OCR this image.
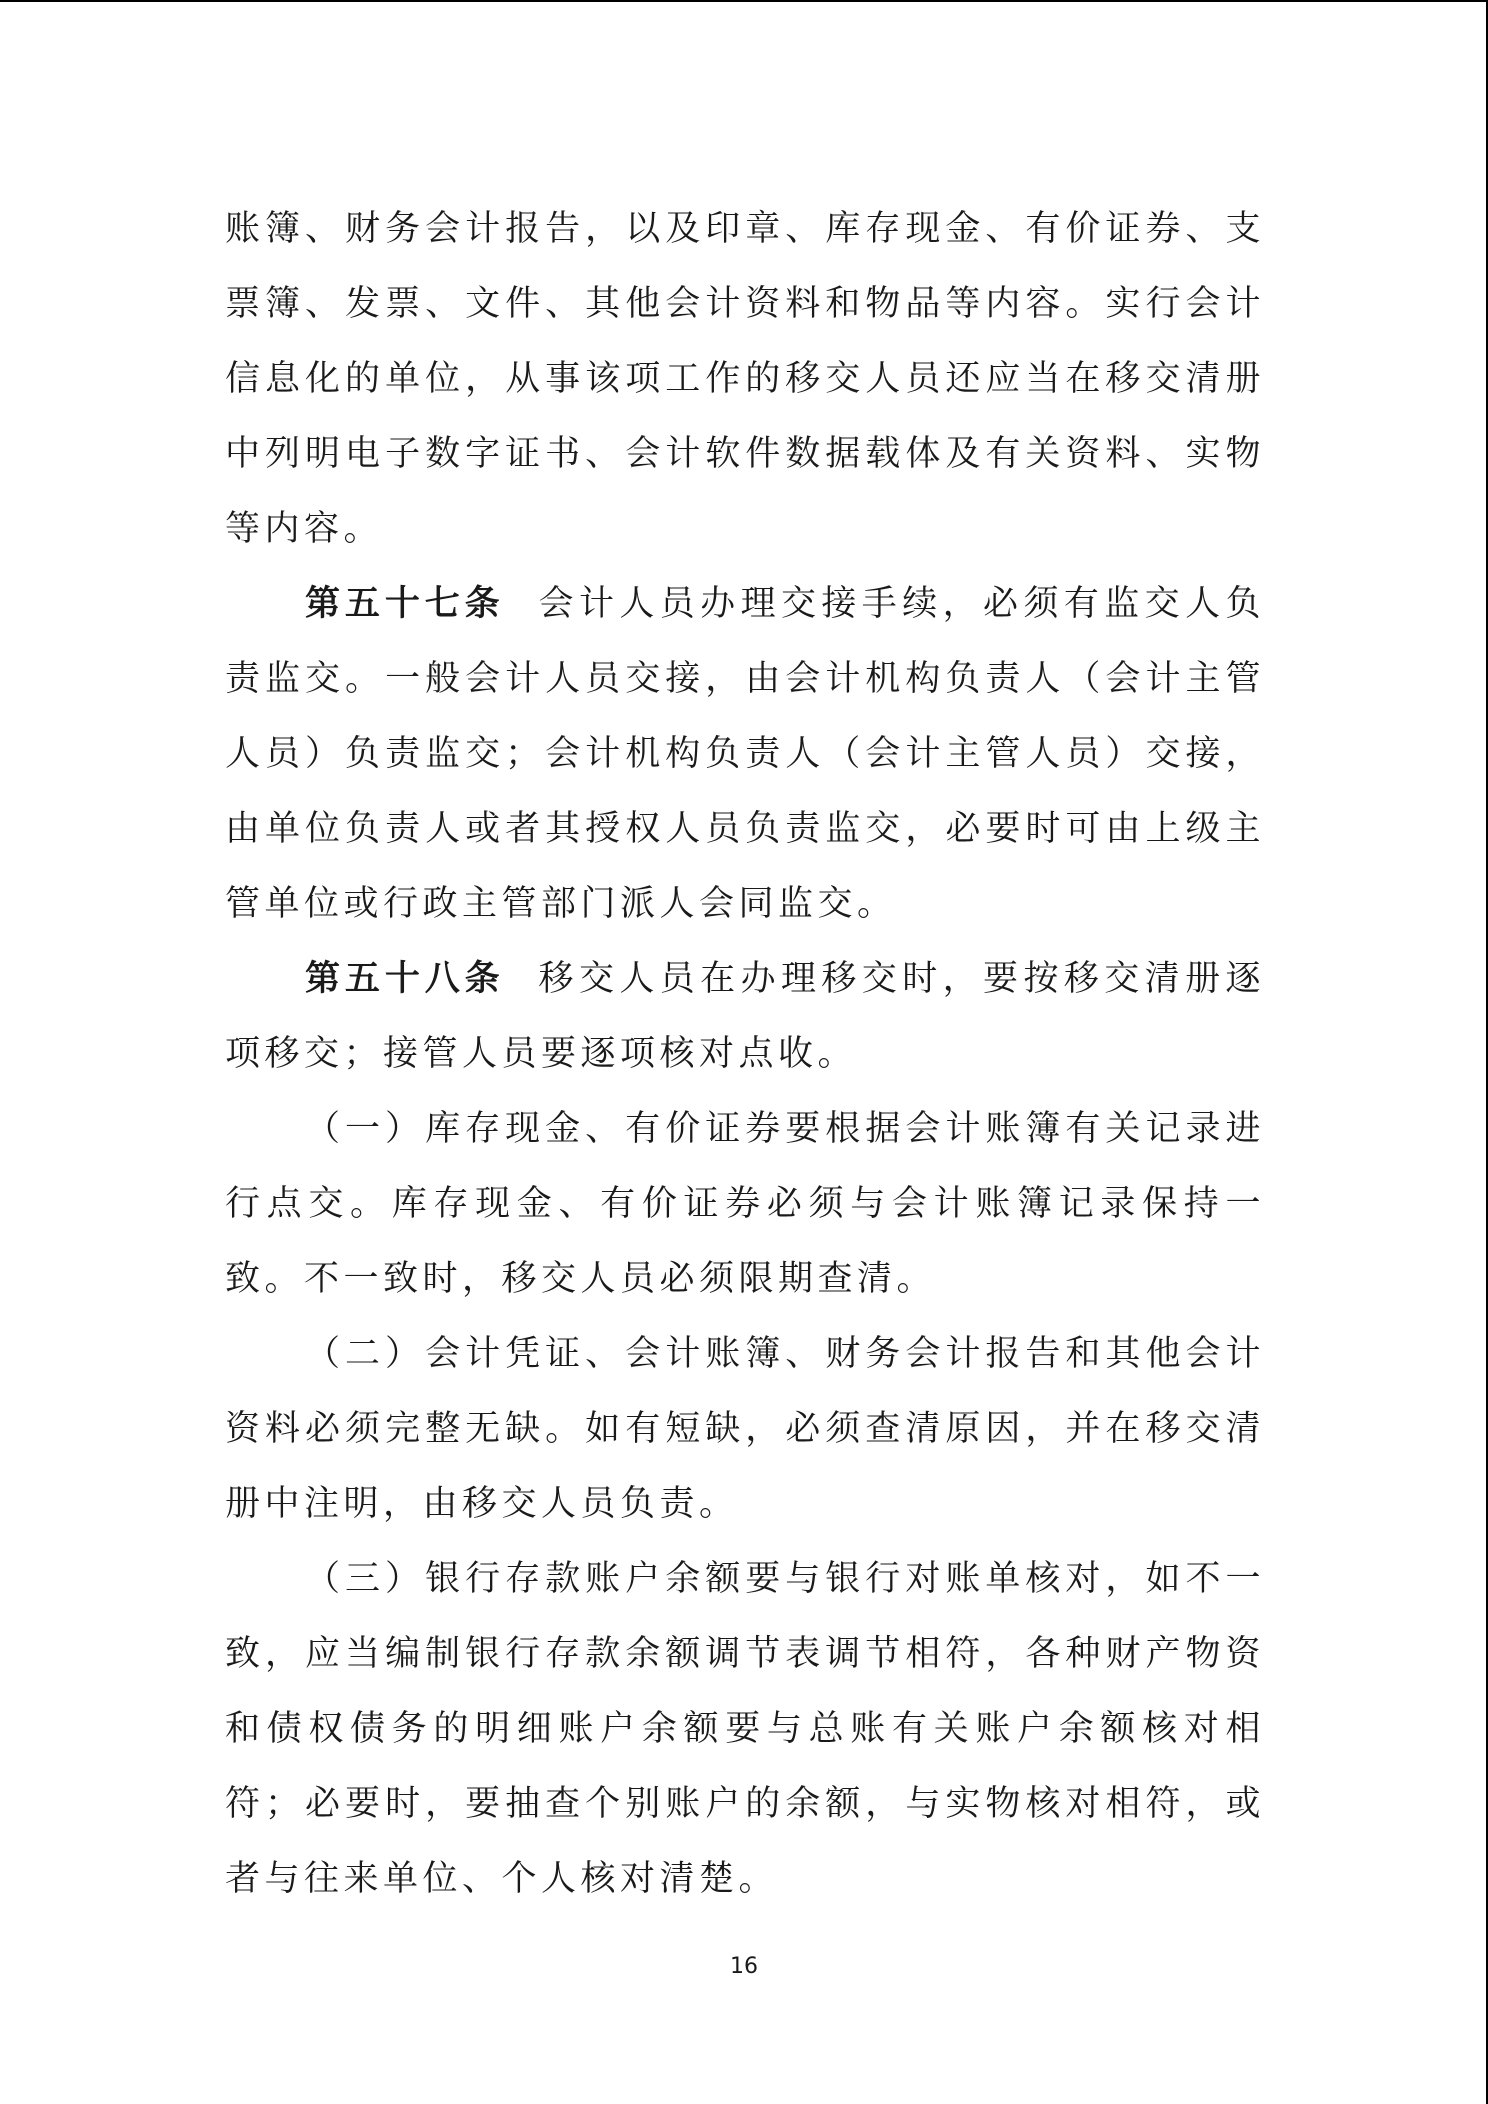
账簿、财务会计报告，以及印章、库存现金、有价证券、支票簿、发票、文件、其他会计资料和物品等内容。实行会计信息化的单位，从事该项工作的移交人员还应当在移交清册中列明电子数字证书、会计软件数据载体及有关资料、实物等内容。

第五十七条 会计人员办理交接手续，必须有监交人负责监交。一般会计人员交接，由会计机构负责人（会计主管人员）负责监交；会计机构负责人（会计主管人员）交接，由单位负责人或者其授权人员负责监交，必要时可由上级主管单位或行政主管部门派人会同监交。

第五十八条 移交人员在办理移交时，要按移交清册逐项移交；接管人员要逐项核对点收。

（一）库存现金、有价证券要根据会计账簿有关记录进行点交。库存现金、有价证券必须与会计账簿记录保持一致。不一致时，移交人员必须限期查清。

（二）会计凭证、会计账簿、财务会计报告和其他会计资料必须完整无缺。如有短缺，必须查清原因，并在移交清册中注明，由移交人员负责。

（三）银行存款账户余额要与银行对账单核对，如不一致，应当编制银行存款余额调节表调节相符，各种财产物资和债权债务的明细账户余额要与总账有关账户余额核对相符；必要时，要抽查个别账户的余额，与实物核对相符，或者与往来单位、个人核对清楚。

16
